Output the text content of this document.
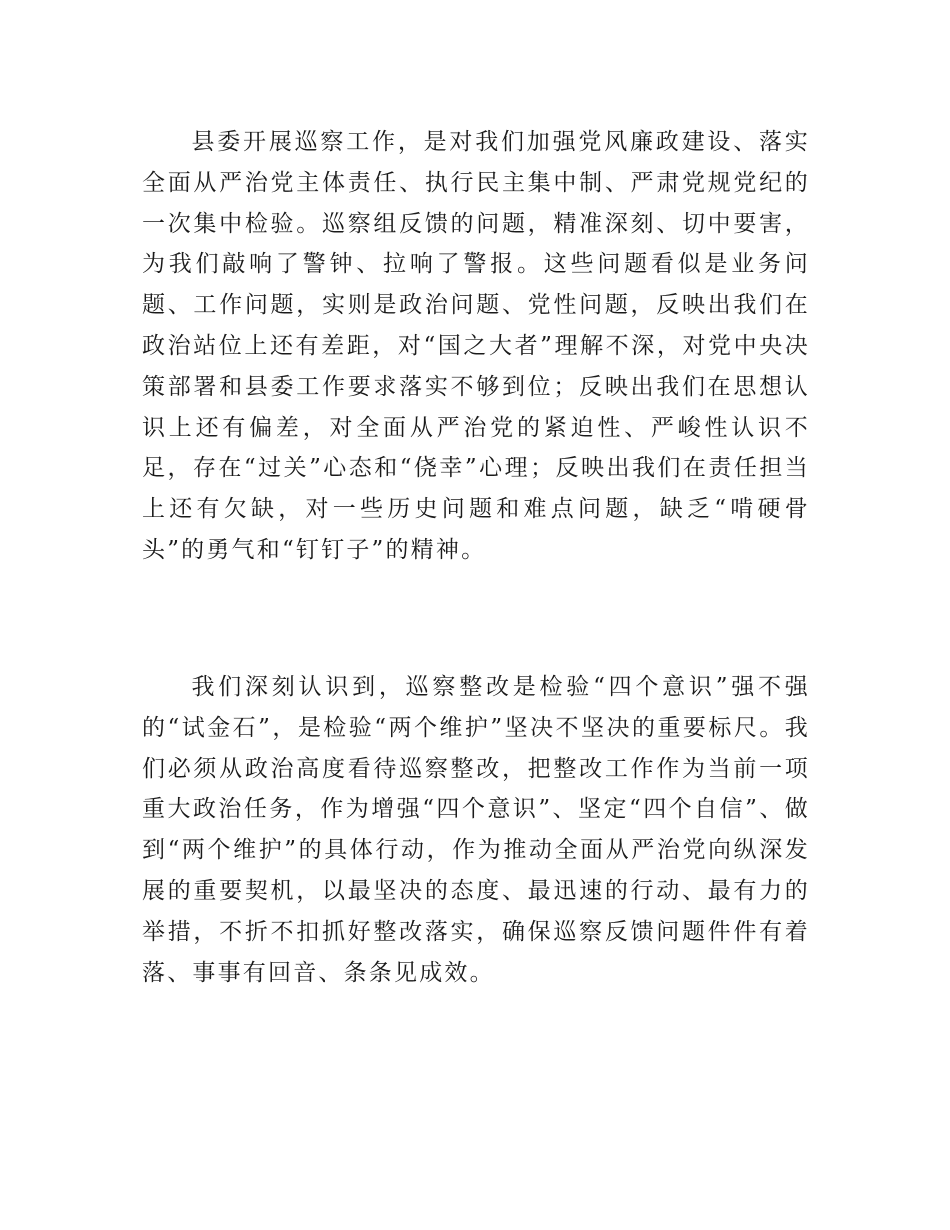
县委开展巡察工作，是对我们加强党风廉政建设、落实全面从严治党主体责任、执行民主集中制、严肃党规党纪的一次集中检验。巡察组反馈的问题，精准深刻、切中要害，为我们敲响了警钟、拉响了警报。这些问题看似是业务问题、工作问题，实则是政治问题、党性问题，反映出我们在政治站位上还有差距，对“国之大者”理解不深，对党中央决策部署和县委工作要求落实不够到位；反映出我们在思想认识上还有偏差，对全面从严治党的紧迫性、严峻性认识不足，存在“过关”心态和“侥幸”心理；反映出我们在责任担当上还有欠缺，对一些历史问题和难点问题，缺乏“啃硬骨头”的勇气和“钉钉子”的精神。

我们深刻认识到，巡察整改是检验“四个意识”强不强的“试金石”，是检验“两个维护”坚决不坚决的重要标尺。我们必须从政治高度看待巡察整改，把整改工作作为当前一项重大政治任务，作为增强“四个意识”、坚定“四个自信”、做到“两个维护”的具体行动，作为推动全面从严治党向纵深发展的重要契机，以最坚决的态度、最迅速的行动、最有力的举措，不折不扣抓好整改落实，确保巡察反馈问题件件有着落、事事有回音、条条见成效。
